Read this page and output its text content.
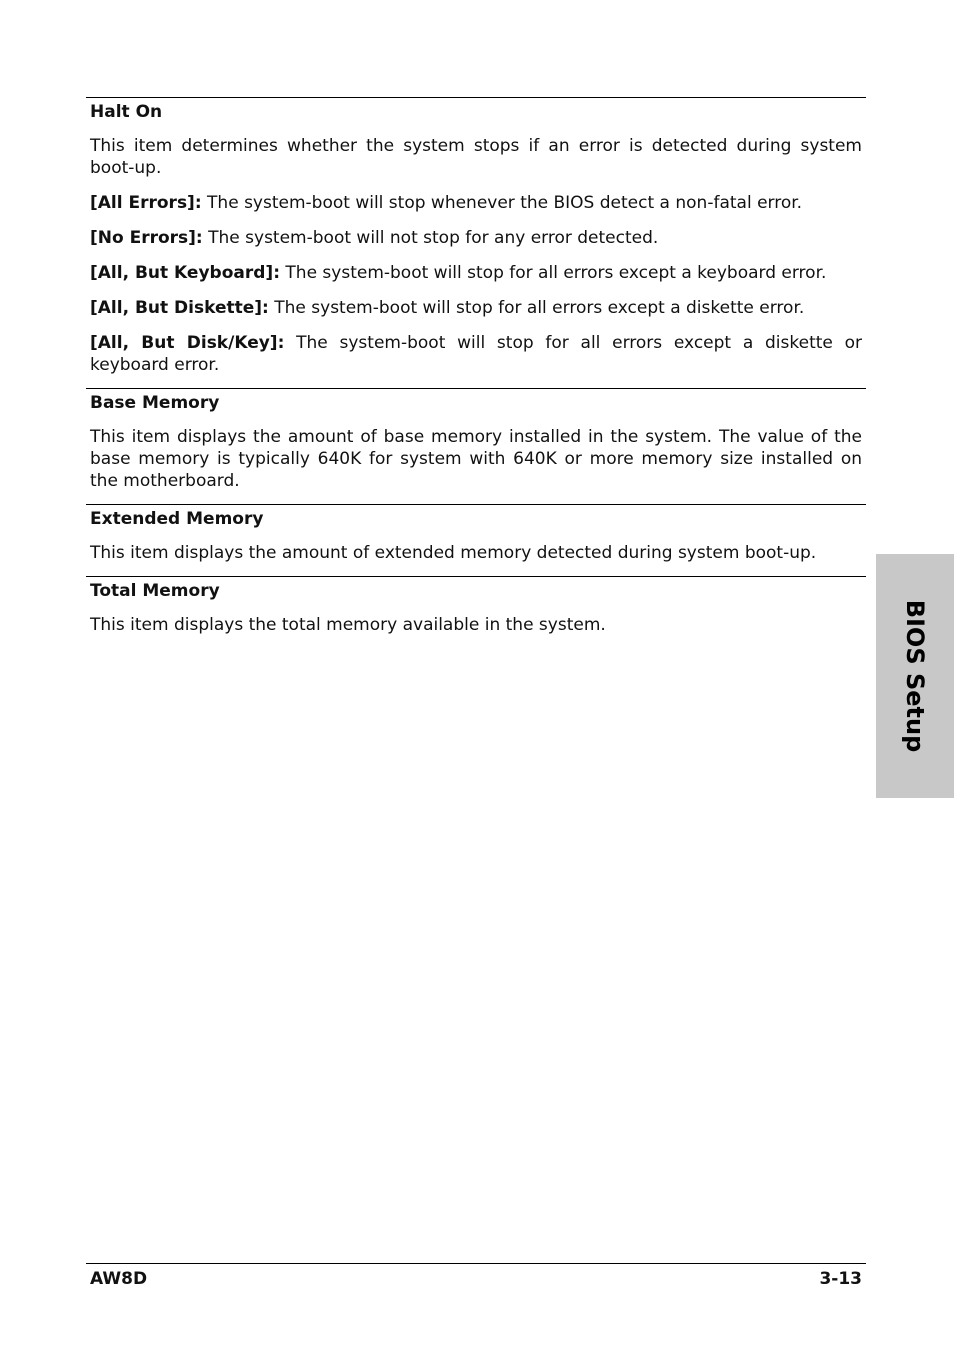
Halt On

This item determines whether the system stops if an error is detected during system boot-up.

[All Errors]: The system-boot will stop whenever the BIOS detect a non-fatal error.

[No Errors]: The system-boot will not stop for any error detected.

[All, But Keyboard]: The system-boot will stop for all errors except a keyboard error.

[All, But Diskette]: The system-boot will stop for all errors except a diskette error.

[All, But Disk/Key]: The system-boot will stop for all errors except a diskette or keyboard error.

Base Memory

This item displays the amount of base memory installed in the system. The value of the base memory is typically 640K for system with 640K or more memory size installed on the motherboard.

Extended Memory

This item displays the amount of extended memory detected during system boot-up.

Total Memory

This item displays the total memory available in the system.	BIOS Setup
AW8D	3-13
